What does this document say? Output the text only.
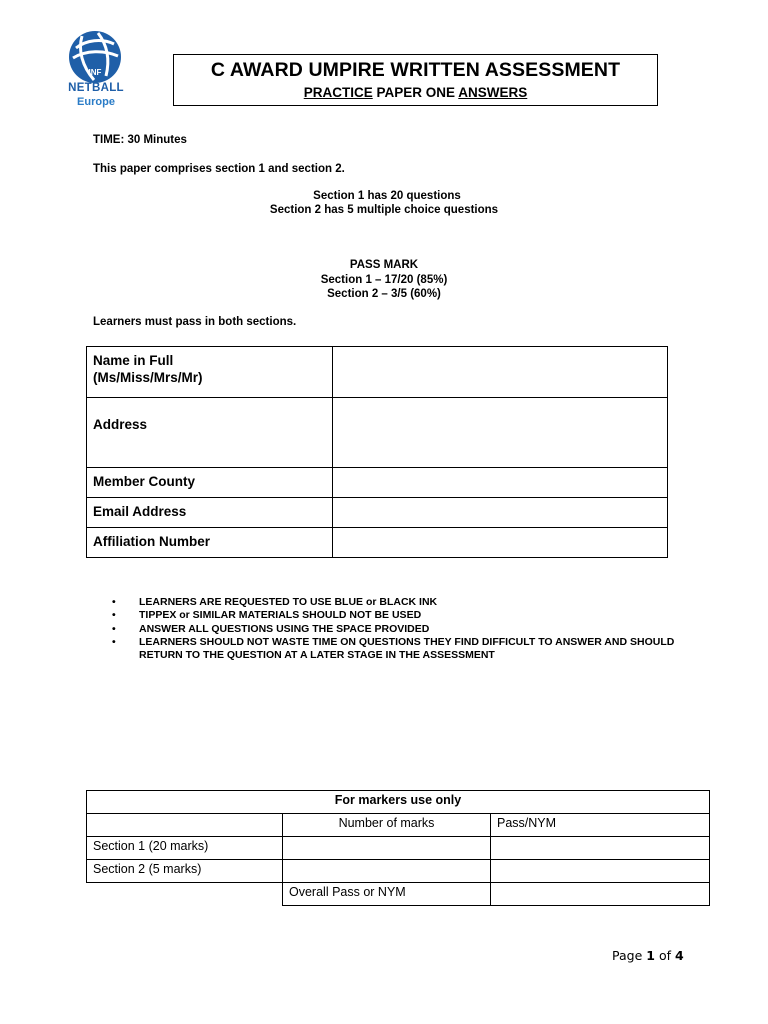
INF
NETBALL
Europe
C AWARD UMPIRE WRITTEN ASSESSMENT
PRACTICE PAPER ONE ANSWERS
TIME: 30 Minutes
This paper comprises section 1 and section 2.
Section 1 has 20 questions
Section 2 has 5 multiple choice questions
PASS MARK
Section 1 – 17/20 (85%)
Section 2 – 3/5 (60%)
Learners must pass in both sections.
Name in Full
(Ms/Miss/Mrs/Mr)	

Address	
Member County	
Email Address	
Affiliation Number	
• LEARNERS ARE REQUESTED TO USE BLUE or BLACK INK
• TIPPEX or SIMILAR MATERIALS SHOULD NOT BE USED
• ANSWER ALL QUESTIONS USING THE SPACE PROVIDED
• LEARNERS SHOULD NOT WASTE TIME ON QUESTIONS THEY FIND DIFFICULT TO ANSWER AND SHOULD RETURN TO THE QUESTION AT A LATER STAGE IN THE ASSESSMENT
For markers use only		
	Number of marks	Pass/NYM
Section 1 (20 marks)		
Section 2 (5 marks)		
	Overall Pass or NYM	
Page 1 of 4
